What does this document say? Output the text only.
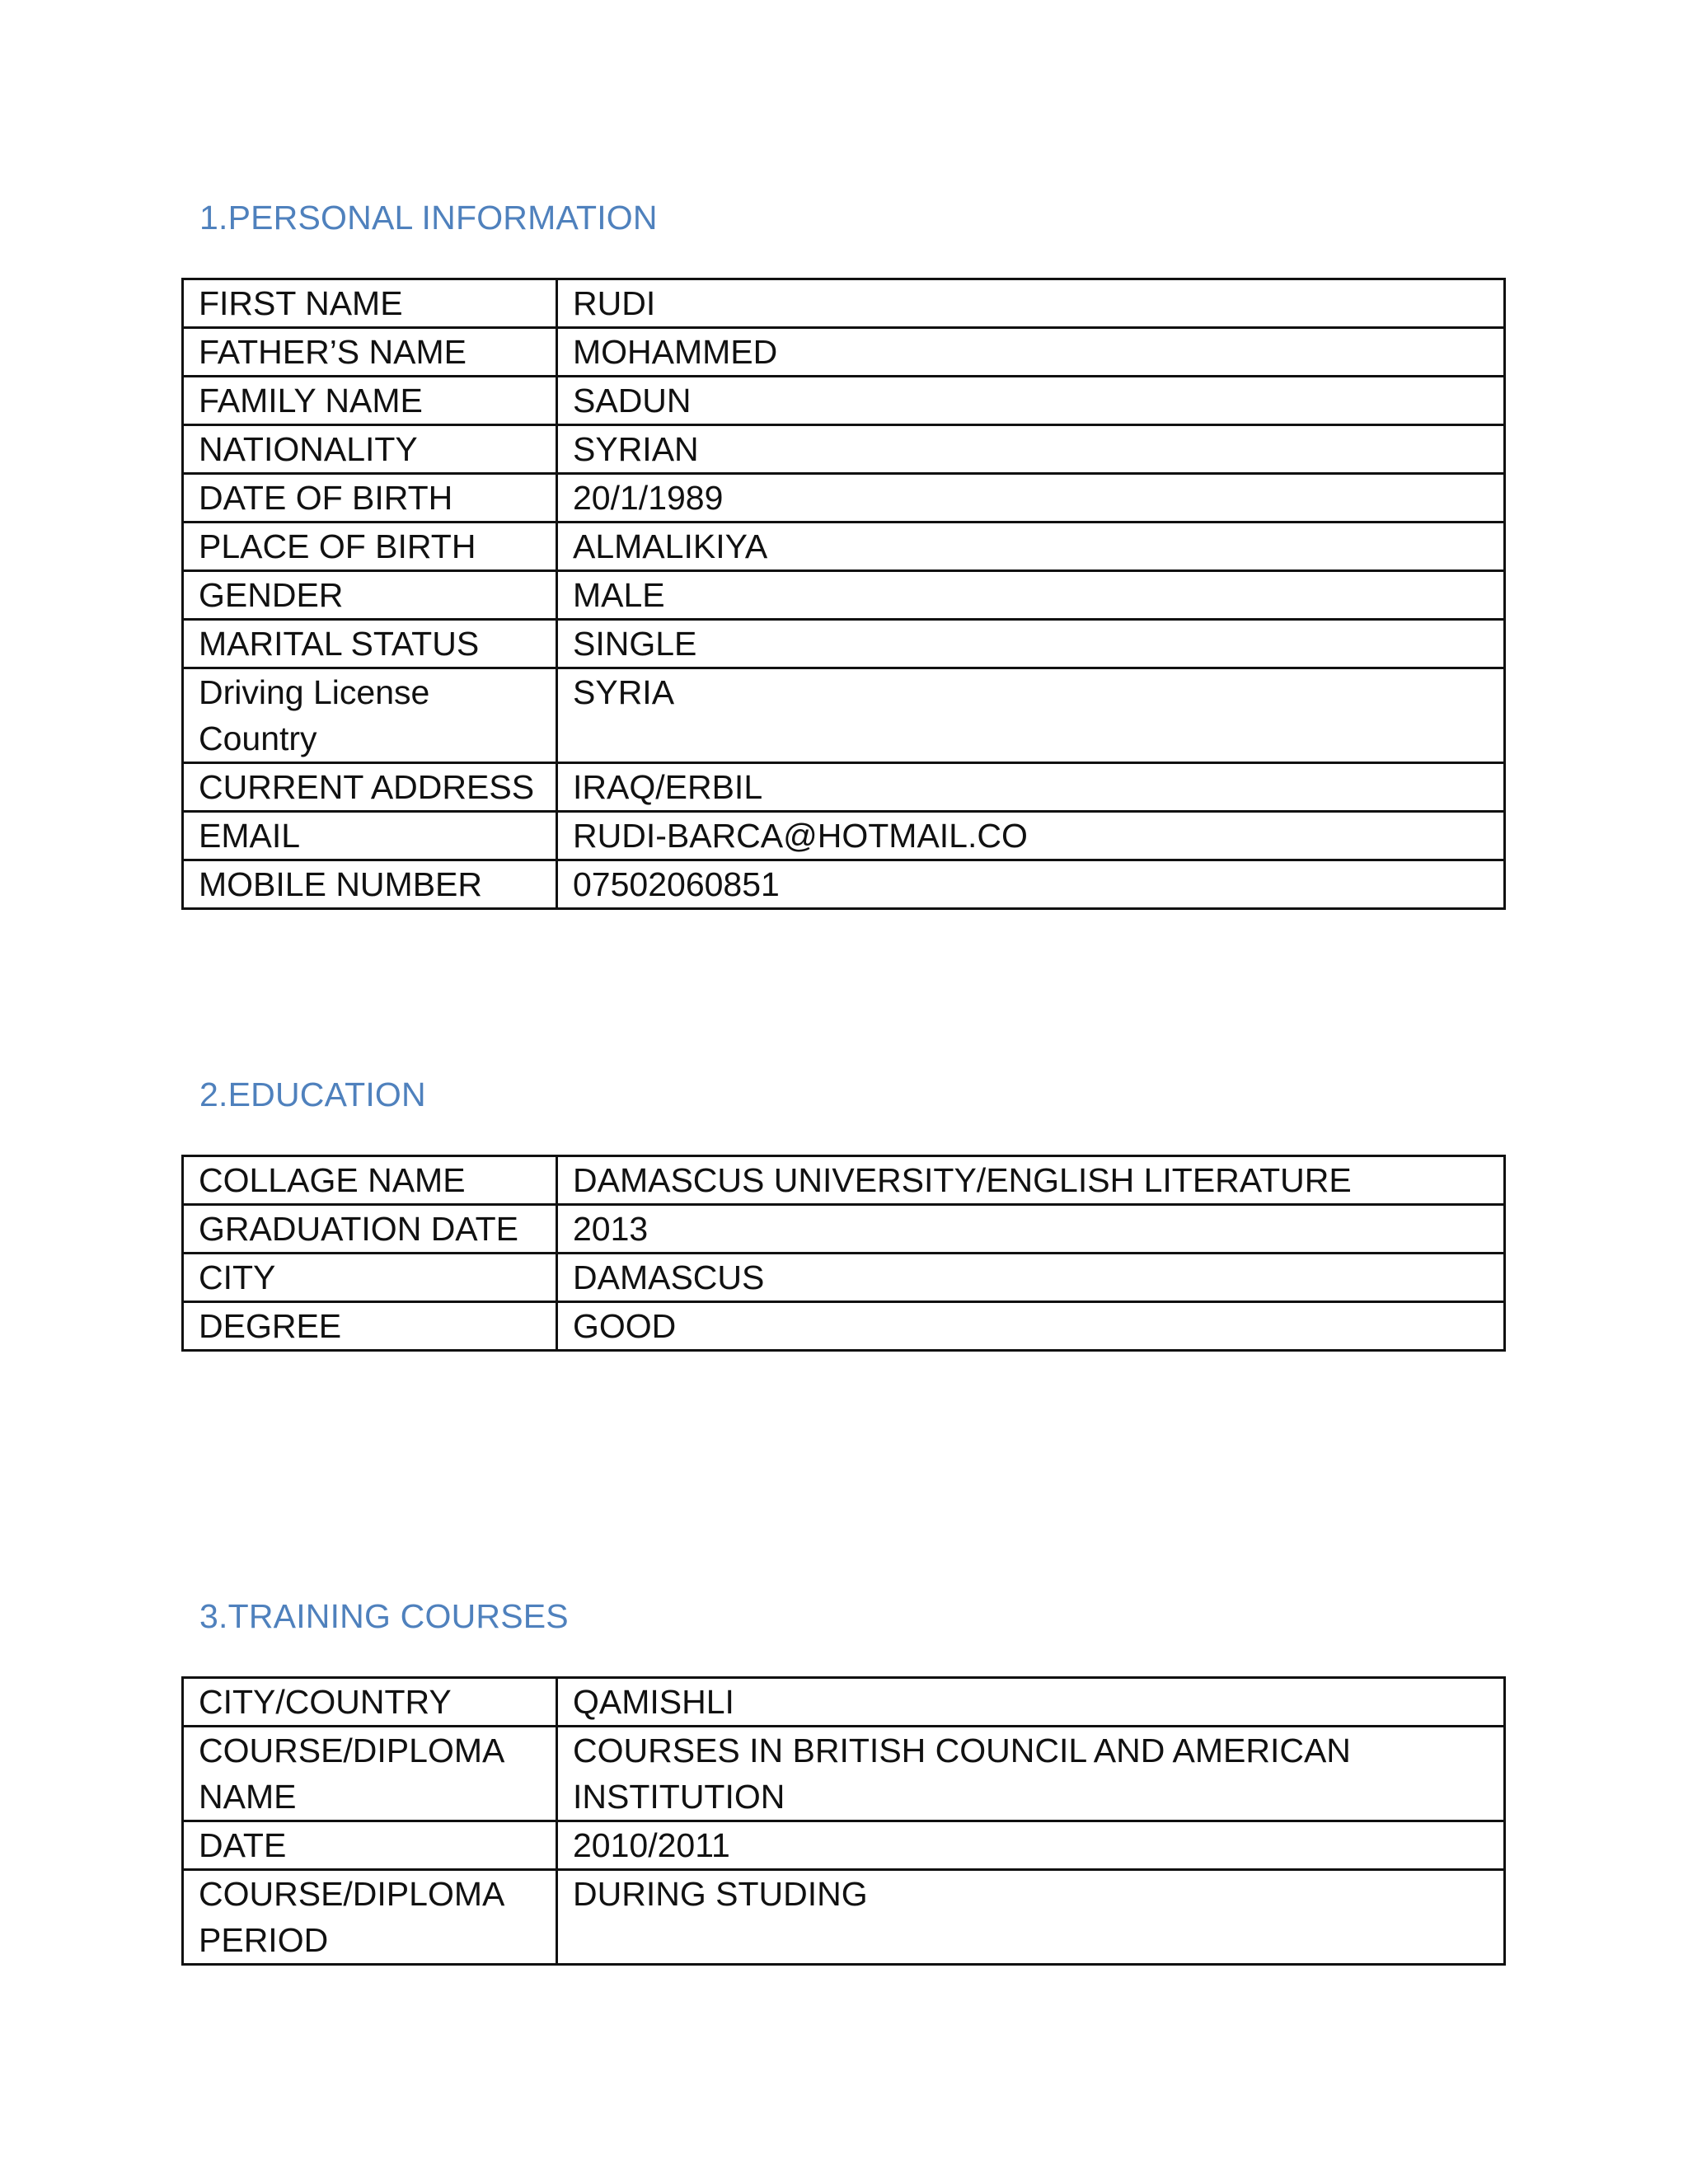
1.PERSONAL INFORMATION
FIRST NAME	RUDI
FATHER’S NAME	MOHAMMED
FAMILY NAME	SADUN
NATIONALITY	SYRIAN
DATE OF BIRTH	20/1/1989
PLACE OF BIRTH	ALMALIKIYA
GENDER	MALE
MARITAL STATUS	SINGLE
Driving License Country	SYRIA
CURRENT ADDRESS	IRAQ/ERBIL
EMAIL	RUDI-BARCA@HOTMAIL.CO
MOBILE NUMBER	07502060851
2.EDUCATION
COLLAGE NAME	DAMASCUS UNIVERSITY/ENGLISH LITERATURE
GRADUATION DATE	2013
CITY	DAMASCUS
DEGREE	GOOD
3.TRAINING COURSES
CITY/COUNTRY	QAMISHLI
COURSE/DIPLOMA NAME	COURSES IN BRITISH COUNCIL AND AMERICAN INSTITUTION
DATE	2010/2011
COURSE/DIPLOMA PERIOD	DURING STUDING
